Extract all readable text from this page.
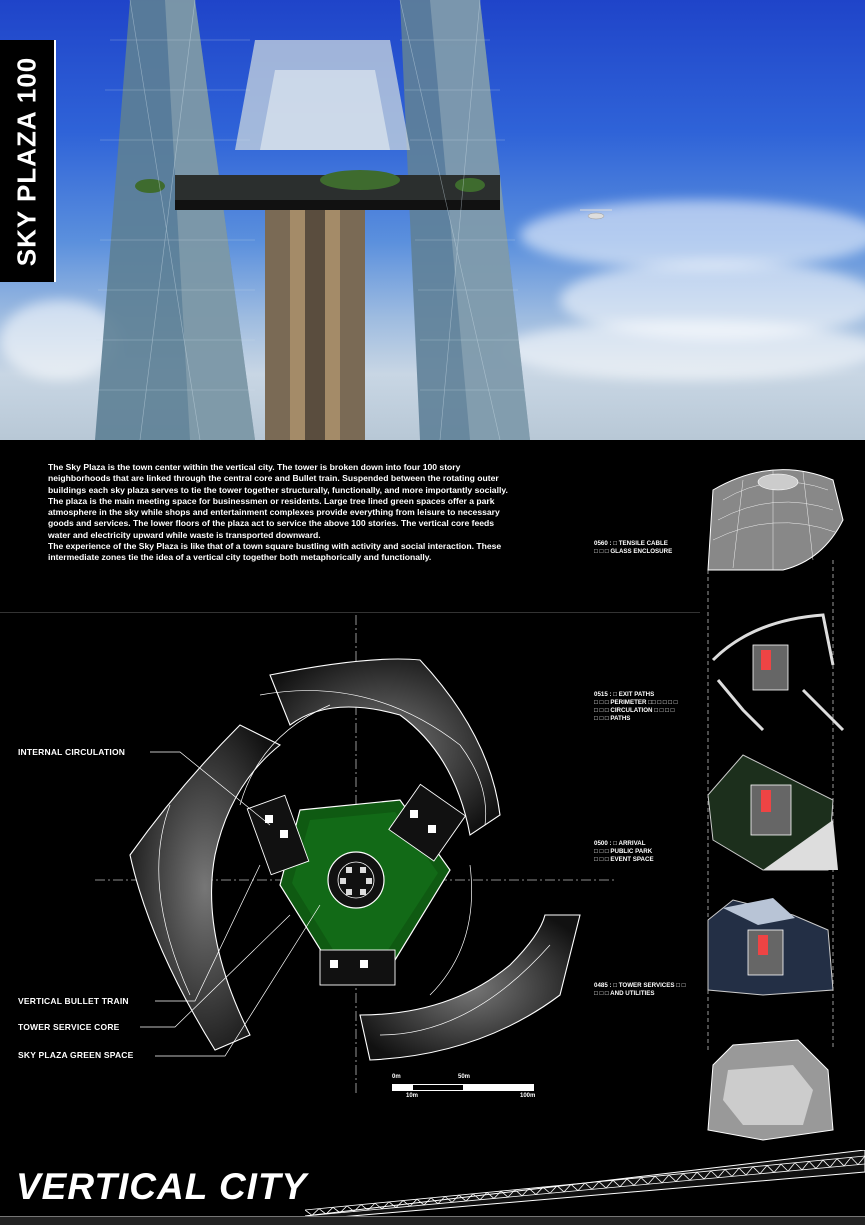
SKY PLAZA 100

The Sky Plaza is the town center within the vertical city. The tower is broken down into four 100 story neighborhoods that are linked through the central core and Bullet train. Suspended between the rotating outer buildings each sky plaza serves to tie the tower together structurally, functionally, and more importantly socially. The plaza is the main meeting space for businessmen or residents. Large tree lined green spaces offer a park atmosphere in the sky while shops and entertainment complexes provide everything from leisure to necessary goods and services. The lower floors of the plaza act to service the above 100 stories. The vertical core feeds water and electricity upward while waste is transported downward.

The experience of the Sky Plaza is like that of a town square bustling with activity and social interaction. These intermediate zones tie the idea of a vertical city together both metaphorically and functionally.

INTERNAL CIRCULATION
VERTICAL BULLET TRAIN
TOWER SERVICE CORE
SKY PLAZA GREEN SPACE
0m	50m
10m	100m
0560 : □ TENSILE CABLE
□ □ □ GLASS ENCLOSURE
0515 : □ EXIT PATHS
□ □ □ PERIMETER □□ □ □ □ □
□ □ □ CIRCULATION □ □ □ □
□ □ □ PATHS
0500 : □ ARRIVAL
□ □ □ PUBLIC PARK
□ □ □ EVENT SPACE
0485 : □ TOWER SERVICES □ □
□ □ □ AND UTILITIES
VERTICAL CITY
